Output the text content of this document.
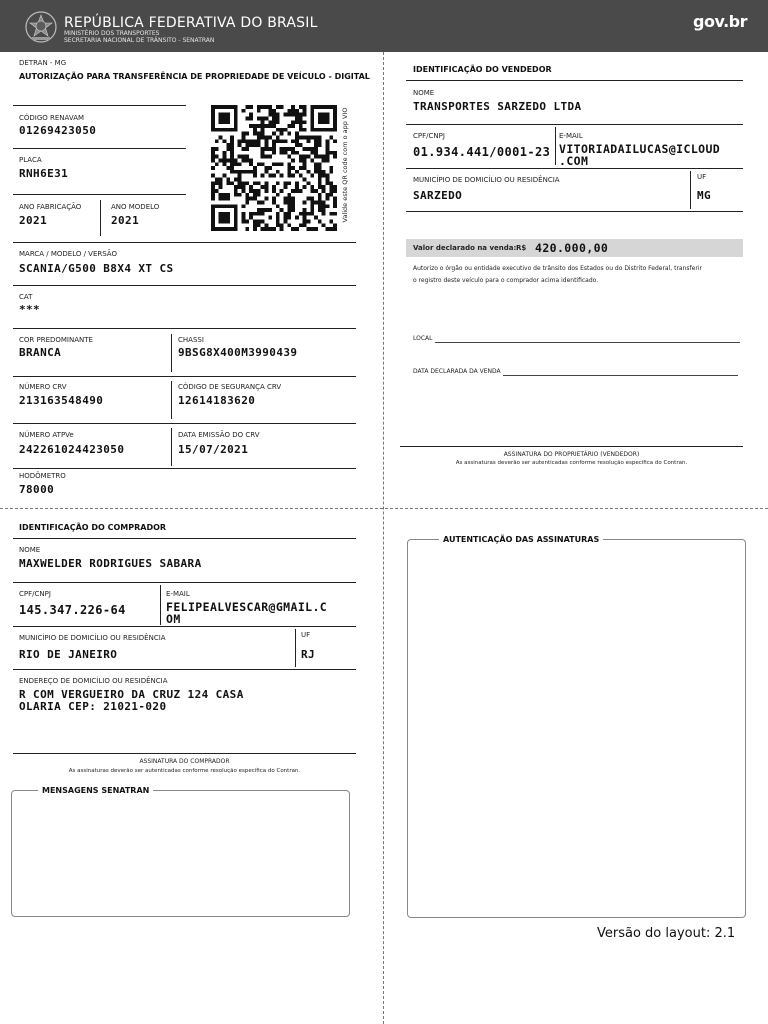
REPÚBLICA FEDERATIVA DO BRASIL
MINISTÉRIO DOS TRANSPORTES
SECRETARIA NACIONAL DE TRÂNSITO - SENATRAN
gov.br
DETRAN - MG
AUTORIZAÇÃO PARA TRANSFERÊNCIA DE PROPRIEDADE DE VEÍCULO - DIGITAL
CÓDIGO RENAVAM
01269423050
PLACA
RNH6E31
ANO FABRICAÇÃO
2021
ANO MODELO
2021	Valide este QR code com o app VIO
MARCA / MODELO / VERSÃO
SCANIA/G500 B8X4 XT CS
CAT
***
COR PREDOMINANTE
BRANCA
CHASSI
9BSG8X400M3990439
NÚMERO CRV
213163548490
CÓDIGO DE SEGURANÇA CRV
12614183620
NÚMERO ATPVe
242261024423050
DATA EMISSÃO DO CRV
15/07/2021
HODÔMETRO
78000
IDENTIFICAÇÃO DO VENDEDOR
NOME
TRANSPORTES SARZEDO LTDA
CPF/CNPJ
01.934.441/0001-23
E-MAIL
VITORIADAILUCAS@ICLOUD
.COM
MUNICÍPIO DE DOMICÍLIO OU RESIDÊNCIA
SARZEDO
UF
MG
Valor declarado na venda: R$ 420.000,00
Autorizo o órgão ou entidade executivo de trânsito dos Estados ou do Distrito Federal, transferir
o registro deste veículo para o comprador acima identificado.
LOCAL
DATA DECLARADA DA VENDA
ASSINATURA DO PROPRIETÁRIO (VENDEDOR)
As assinaturas deverão ser autenticadas conforme resolução específica do Contran.
IDENTIFICAÇÃO DO COMPRADOR
NOME
MAXWELDER RODRIGUES SABARA
CPF/CNPJ
145.347.226-64
E-MAIL
FELIPEALVESCAR@GMAIL.C
OM
MUNICÍPIO DE DOMICÍLIO OU RESIDÊNCIA
RIO DE JANEIRO
UF
RJ
ENDEREÇO DE DOMICÍLIO OU RESIDÊNCIA
R COM VERGUEIRO DA CRUZ 124 CASA
OLARIA CEP: 21021-020
ASSINATURA DO COMPRADOR
As assinaturas deverão ser autenticadas conforme resolução específica do Contran.
MENSAGENS SENATRAN
AUTENTICAÇÃO DAS ASSINATURAS
Versão do layout: 2.1
